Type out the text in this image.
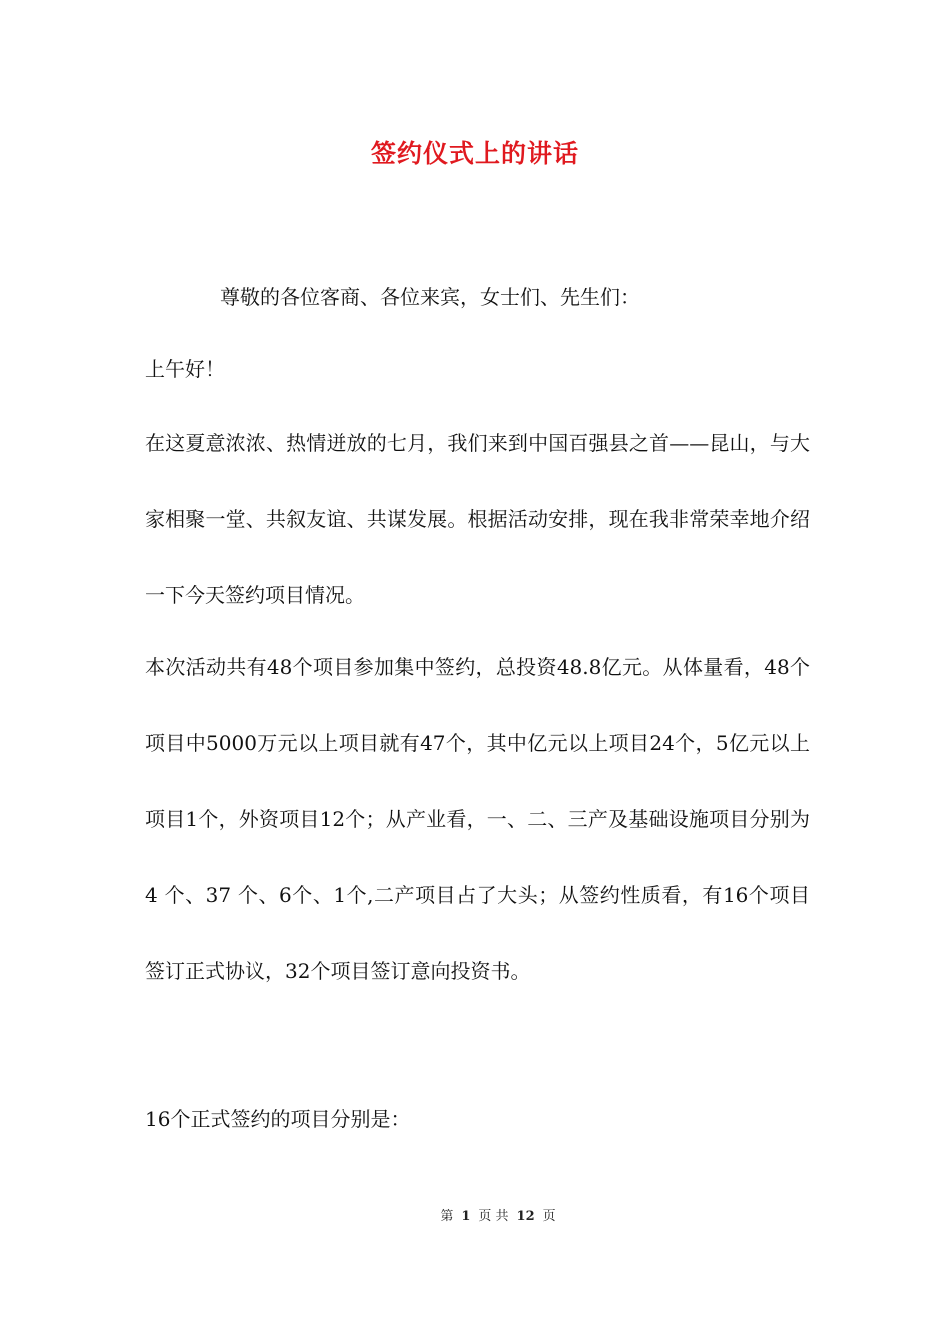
签约仪式上的讲话
尊敬的各位客商、各位来宾，女士们、先生们：
上午好！
在这夏意浓浓、热情迸放的七月，我们来到中国百强县之首——昆山，与大家相聚一堂、共叙友谊、共谋发展。根据活动安排，现在我非常荣幸地介绍一下今天签约项目情况。
本次活动共有48个项目参加集中签约，总投资48.8亿元。从体量看，48个项目中5000万元以上项目就有47个，其中亿元以上项目24个，5亿元以上项目1个，外资项目12个；从产业看，一、二、三产及基础设施项目分别为4 个、37 个、6个、1个,二产项目占了大头；从签约性质看，有16个项目签订正式协议，32个项目签订意向投资书。
16个正式签约的项目分别是：
第 1 页 共 12 页
